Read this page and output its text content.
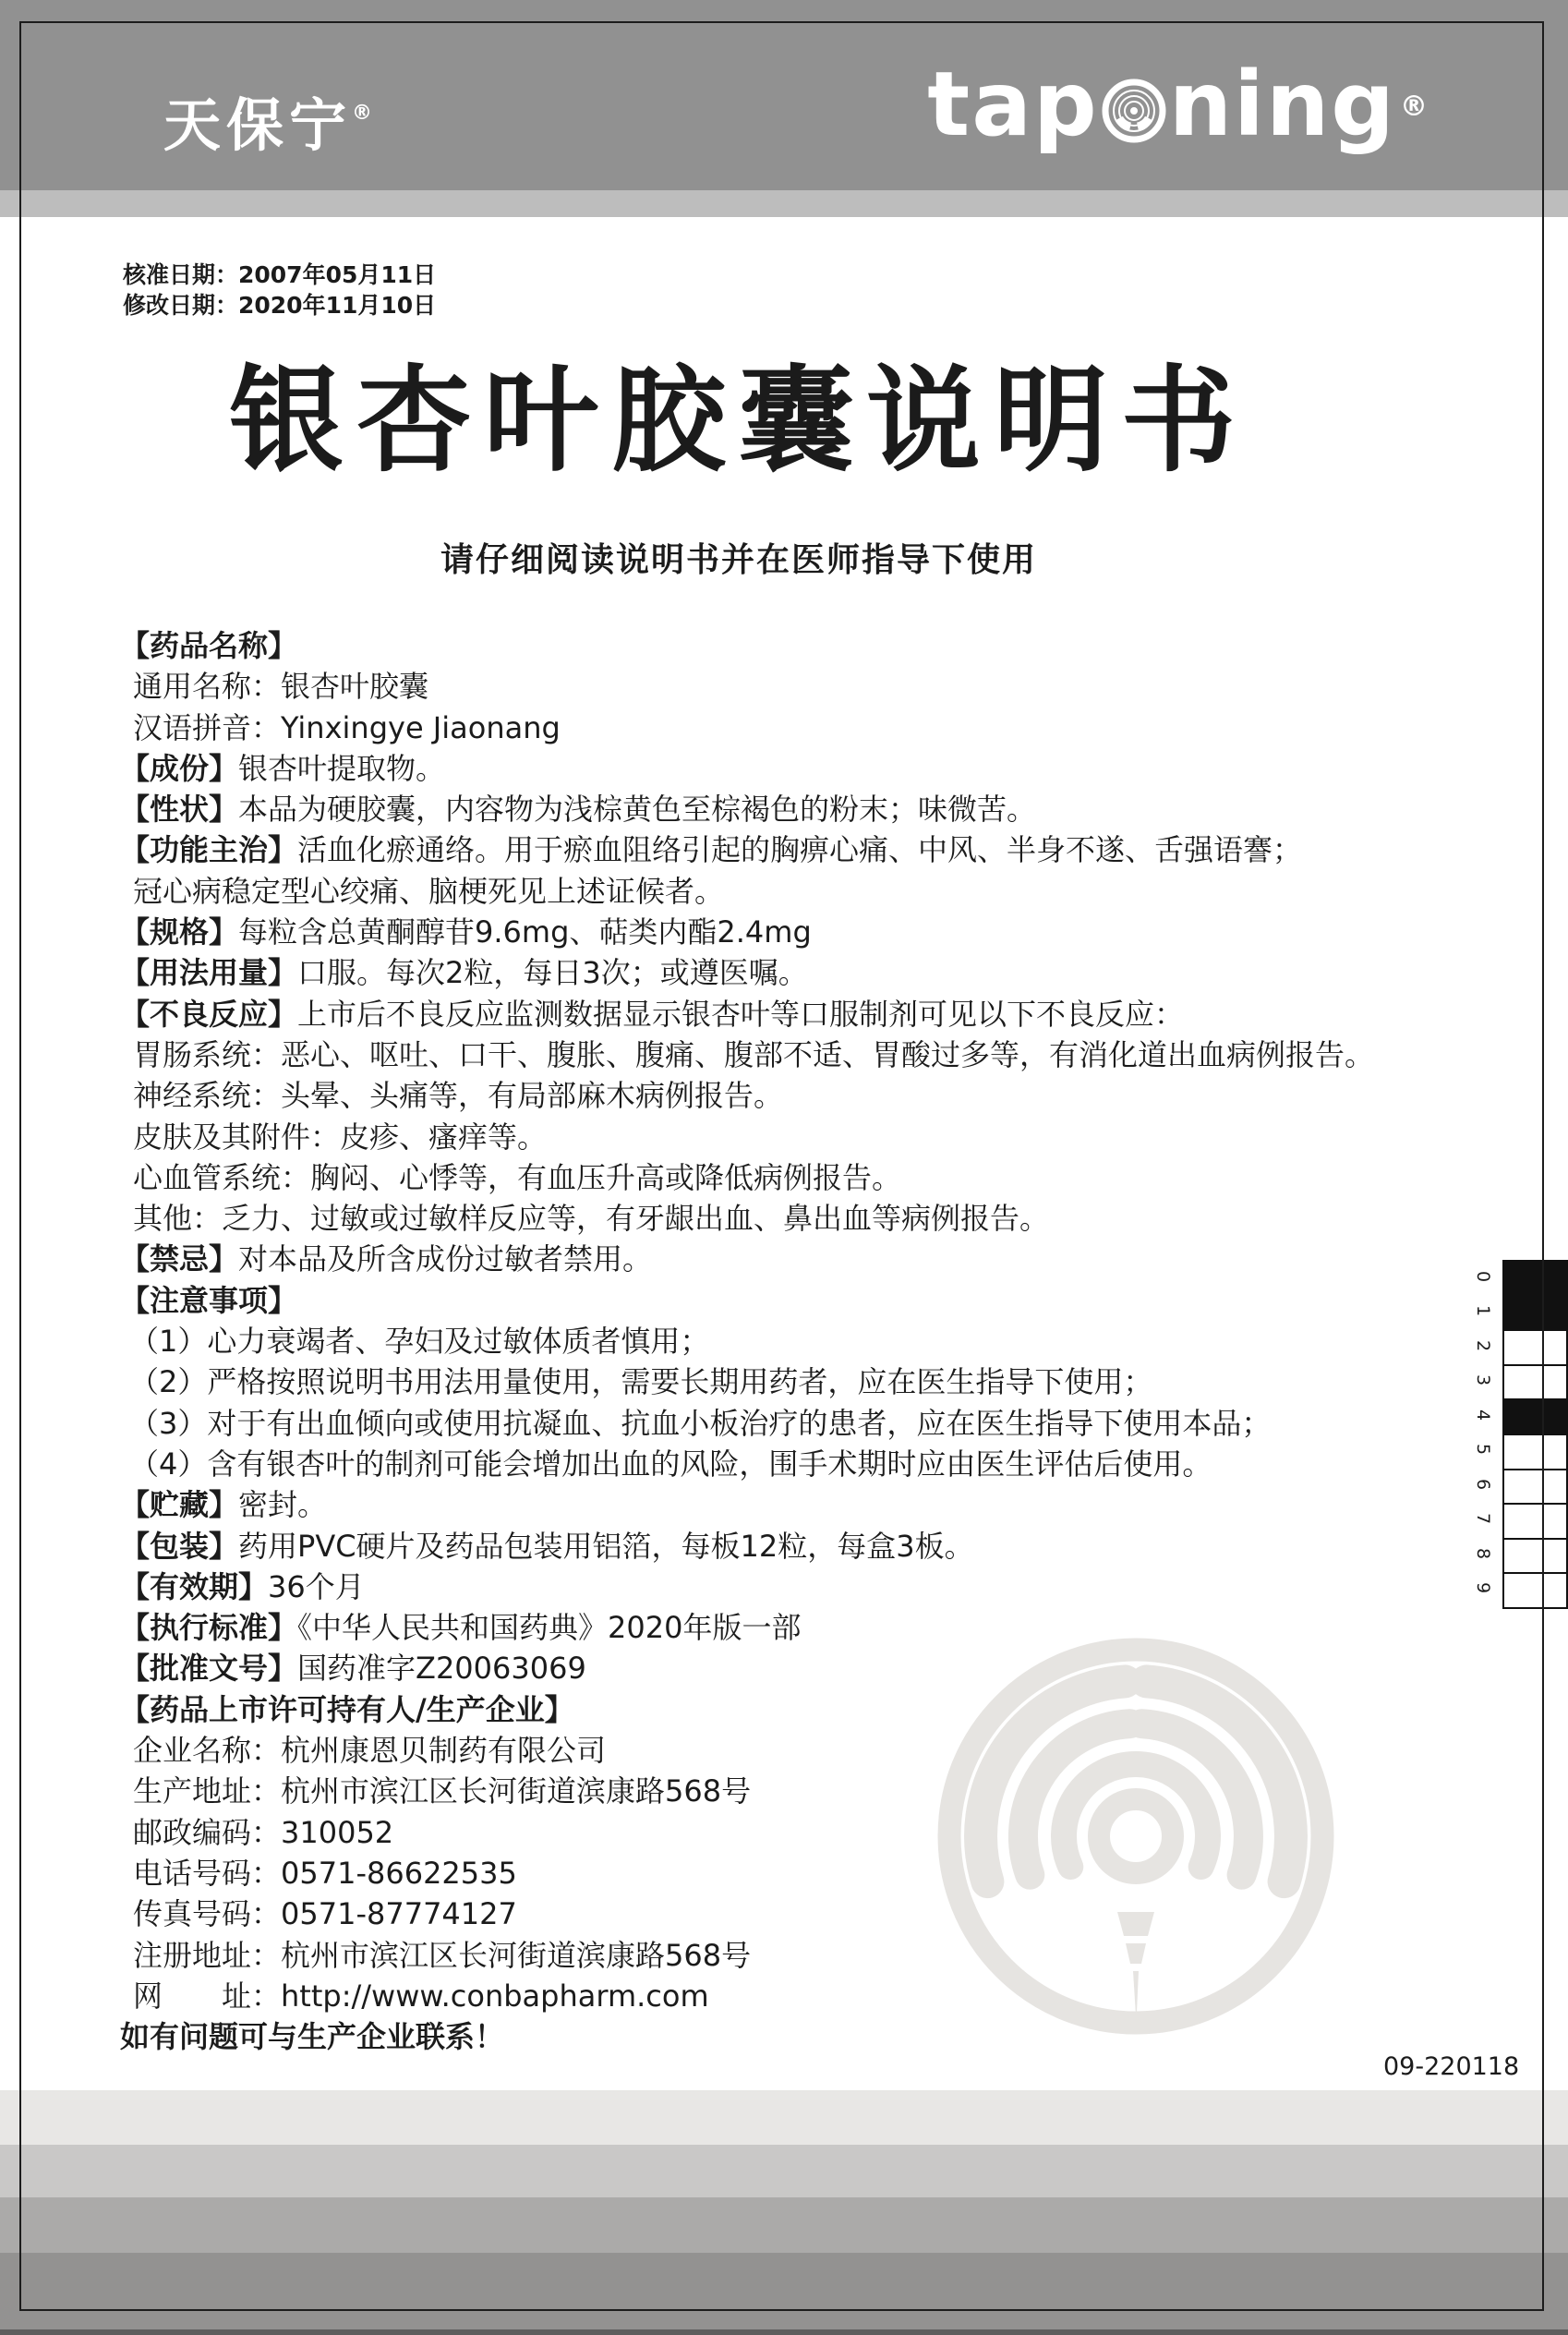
天保宁®	tap ning ®
核准日期：2007年05月11日
修改日期：2020年11月10日
银杏叶胶囊说明书
请仔细阅读说明书并在医师指导下使用
【药品名称】
通用名称：银杏叶胶囊
汉语拼音：Yinxingye Jiaonang
【成份】银杏叶提取物。
【性状】本品为硬胶囊，内容物为浅棕黄色至棕褐色的粉末；味微苦。
【功能主治】活血化瘀通络。用于瘀血阻络引起的胸痹心痛、中风、半身不遂、舌强语謇；
冠心病稳定型心绞痛、脑梗死见上述证候者。
【规格】每粒含总黄酮醇苷9.6mg、萜类内酯2.4mg
【用法用量】口服。每次2粒，每日3次；或遵医嘱。
【不良反应】上市后不良反应监测数据显示银杏叶等口服制剂可见以下不良反应：
胃肠系统：恶心、呕吐、口干、腹胀、腹痛、腹部不适、胃酸过多等，有消化道出血病例报告。
神经系统：头晕、头痛等，有局部麻木病例报告。
皮肤及其附件：皮疹、瘙痒等。
心血管系统：胸闷、心悸等，有血压升高或降低病例报告。
其他：乏力、过敏或过敏样反应等，有牙龈出血、鼻出血等病例报告。
【禁忌】对本品及所含成份过敏者禁用。
【注意事项】
（1）心力衰竭者、孕妇及过敏体质者慎用；
（2）严格按照说明书用法用量使用，需要长期用药者，应在医生指导下使用；
（3）对于有出血倾向或使用抗凝血、抗血小板治疗的患者，应在医生指导下使用本品；
（4）含有银杏叶的制剂可能会增加出血的风险，围手术期时应由医生评估后使用。
【贮藏】密封。
【包装】药用PVC硬片及药品包装用铝箔，每板12粒，每盒3板。
【有效期】36个月
【执行标准】《中华人民共和国药典》2020年版一部
【批准文号】国药准字Z20063069
【药品上市许可持有人/生产企业】
企业名称：杭州康恩贝制药有限公司
生产地址：杭州市滨江区长河街道滨康路568号
邮政编码：310052
电话号码：0571-86622535
传真号码：0571-87774127
注册地址：杭州市滨江区长河街道滨康路568号
网　　址：http://www.conbapharm.com
如有问题可与生产企业联系！
0
1
2
3
4
5
6
7
8
9
09-220118
